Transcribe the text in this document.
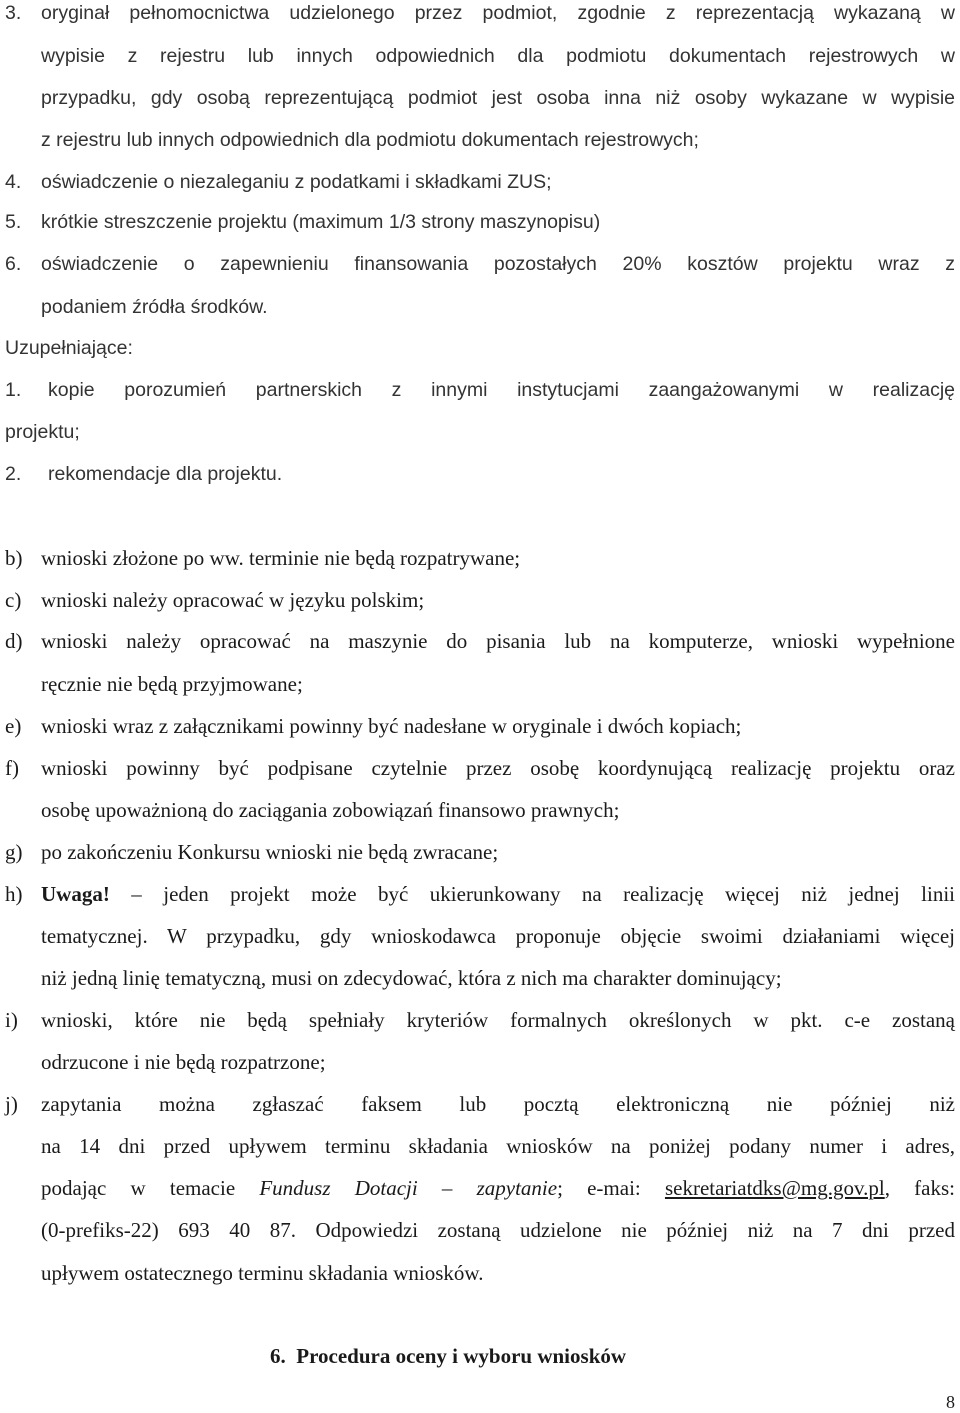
3. oryginał pełnomocnictwa udzielonego przez podmiot, zgodnie z reprezentacją wykazaną w
wypisie z rejestru lub innych odpowiednich dla podmiotu dokumentach rejestrowych w
przypadku, gdy osobą reprezentującą podmiot jest osoba inna niż osoby wykazane w wypisie
z rejestru lub innych odpowiednich dla podmiotu dokumentach rejestrowych;
4. oświadczenie o niezaleganiu z podatkami i składkami ZUS;
5. krótkie streszczenie projektu (maximum 1/3 strony maszynopisu)
6. oświadczenie o zapewnieniu finansowania pozostałych 20% kosztów projektu wraz z
podaniem źródła środków.
Uzupełniające:
1. kopie porozumień partnerskich z innymi instytucjami zaangażowanymi w realizację
projektu;
2. rekomendacje dla projektu.
b) wnioski złożone po ww. terminie nie będą rozpatrywane;
c) wnioski należy opracować w języku polskim;
d) wnioski należy opracować na maszynie do pisania lub na komputerze, wnioski wypełnione
ręcznie nie będą przyjmowane;
e) wnioski wraz z załącznikami powinny być nadesłane w oryginale i dwóch kopiach;
f) wnioski powinny być podpisane czytelnie przez osobę koordynującą realizację projektu oraz
osobę upoważnioną do zaciągania zobowiązań finansowo prawnych;
g) po zakończeniu Konkursu wnioski nie będą zwracane;
h) Uwaga! – jeden projekt może być ukierunkowany na realizację więcej niż jednej linii
tematycznej. W przypadku, gdy wnioskodawca proponuje objęcie swoimi działaniami więcej
niż jedną linię tematyczną, musi on zdecydować, która z nich ma charakter dominujący;
i) wnioski, które nie będą spełniały kryteriów formalnych określonych w pkt. c-e zostaną
odrzucone i nie będą rozpatrzone;
j) zapytania można zgłaszać faksem lub pocztą elektroniczną nie później niż
na 14 dni przed upływem terminu składania wniosków na poniżej podany numer i adres,
podając w temacie Fundusz Dotacji – zapytanie; e-mai: sekretariatdks@mg.gov.pl, faks:
(0-prefiks-22) 693 40 87. Odpowiedzi zostaną udzielone nie później niż na 7 dni przed
upływem ostatecznego terminu składania wniosków.
6. Procedura oceny i wyboru wniosków
8
